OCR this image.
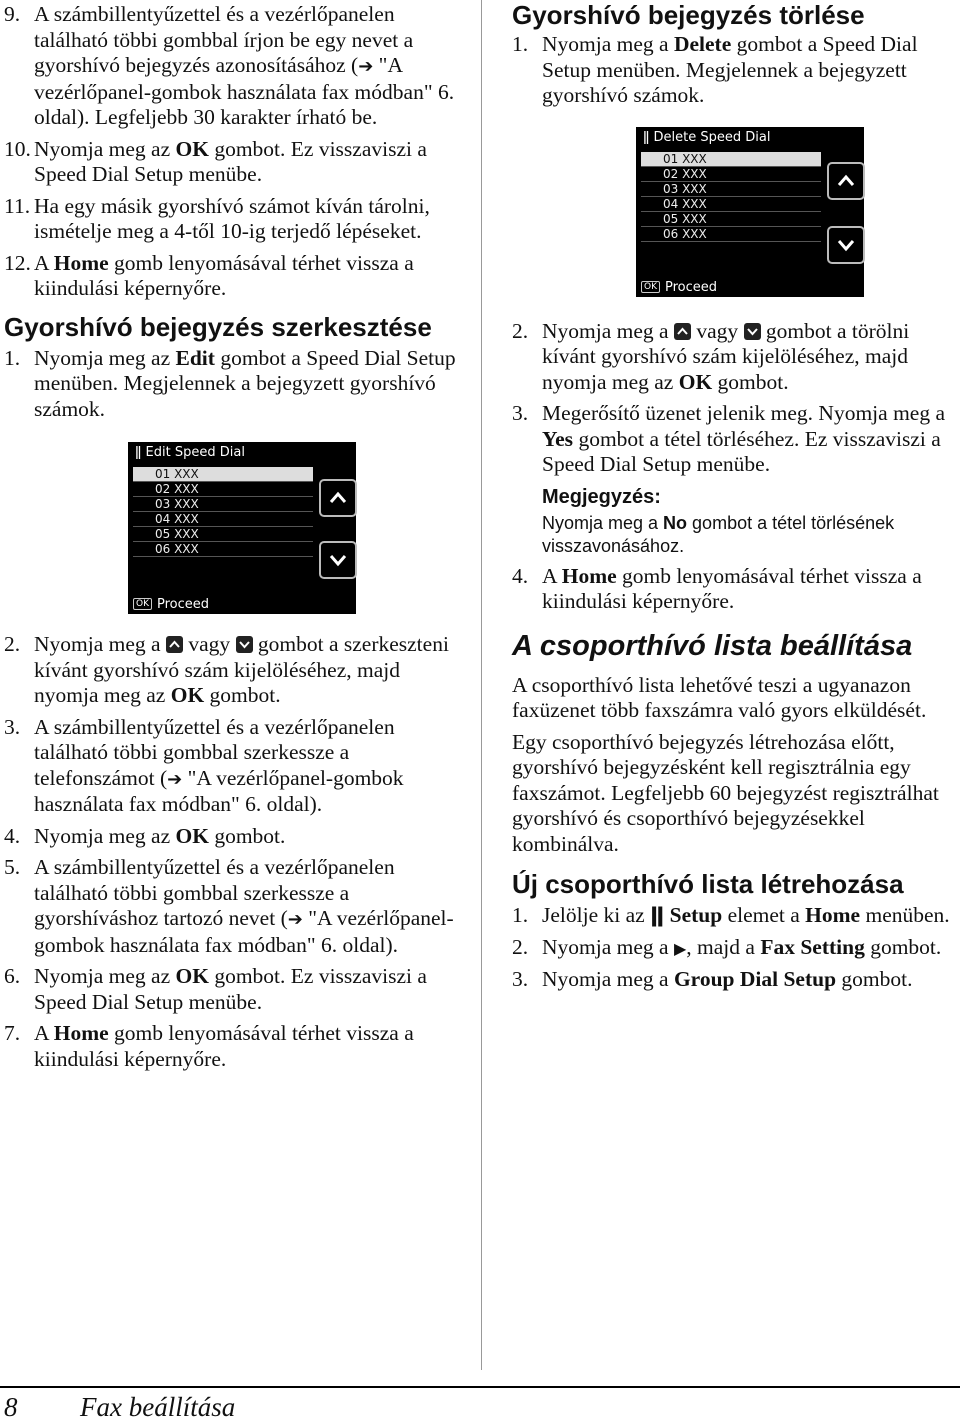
9. A számbillentyűzettel és a vezérlőpanelen található többi gombbal írjon be egy nevet a gyorshívó bejegyzés azonosításához (➔ "A vezérlőpanel-gombok használata fax módban" 6. oldal). Legfeljebb 30 karakter írható be.
10. Nyomja meg az OK gombot. Ez visszaviszi a Speed Dial Setup menübe.
11. Ha egy másik gyorshívó számot kíván tárolni, ismételje meg a 4-től 10-ig terjedő lépéseket.
12. A Home gomb lenyomásával térhet vissza a kiindulási képernyőre.
Gyorshívó bejegyzés szerkesztése
1. Nyomja meg az Edit gombot a Speed Dial Setup menüben. Megjelennek a bejegyzett gyorshívó számok.
ǁ Edit Speed Dial
01 XXX
02 XXX
03 XXX
04 XXX
05 XXX
06 XXX
OK Proceed
2. Nyomja meg a
vagy
gombot a szerkeszteni kívánt gyorshívó szám kijelöléséhez, majd nyomja meg az OK gombot.
3. A számbillentyűzettel és a vezérlőpanelen található többi gombbal szerkessze a telefonszámot (➔ "A vezérlőpanel-gombok használata fax módban" 6. oldal).
4. Nyomja meg az OK gombot.
5. A számbillentyűzettel és a vezérlőpanelen található többi gombbal szerkessze a gyorshíváshoz tartozó nevet (➔ "A vezérlőpanel-gombok használata fax módban" 6. oldal).
6. Nyomja meg az OK gombot. Ez visszaviszi a Speed Dial Setup menübe.
7. A Home gomb lenyomásával térhet vissza a kiindulási képernyőre.
Gyorshívó bejegyzés törlése
1. Nyomja meg a Delete gombot a Speed Dial Setup menüben. Megjelennek a bejegyzett gyorshívó számok.
ǁ Delete Speed Dial
01 XXX
02 XXX
03 XXX
04 XXX
05 XXX
06 XXX
OK Proceed
2. Nyomja meg a
vagy
gombot a törölni kívánt gyorshívó szám kijelöléséhez, majd nyomja meg az OK gombot.
3. Megerősítő üzenet jelenik meg. Nyomja meg a Yes gombot a tétel törléséhez. Ez visszaviszi a Speed Dial Setup menübe.
Megjegyzés:
Nyomja meg a No gombot a tétel törlésének visszavonásához.
4. A Home gomb lenyomásával térhet vissza a kiindulási képernyőre.
A csoporthívó lista beállítása
A csoporthívó lista lehetővé teszi a ugyanazon faxüzenet több faxszámra való gyors elküldését.
Egy csoporthívó bejegyzés létrehozása előtt, gyorshívó bejegyzésként kell regisztrálnia egy faxszámot. Legfeljebb 60 bejegyzést regisztrálhat gyorshívó és csoporthívó bejegyzésekkel kombinálva.
Új csoporthívó lista létrehozása
1. Jelölje ki az ǁ Setup elemet a Home menüben.
2. Nyomja meg a ▶, majd a Fax Setting gombot.
3. Nyomja meg a Group Dial Setup gombot.
8 Fax beállítása
